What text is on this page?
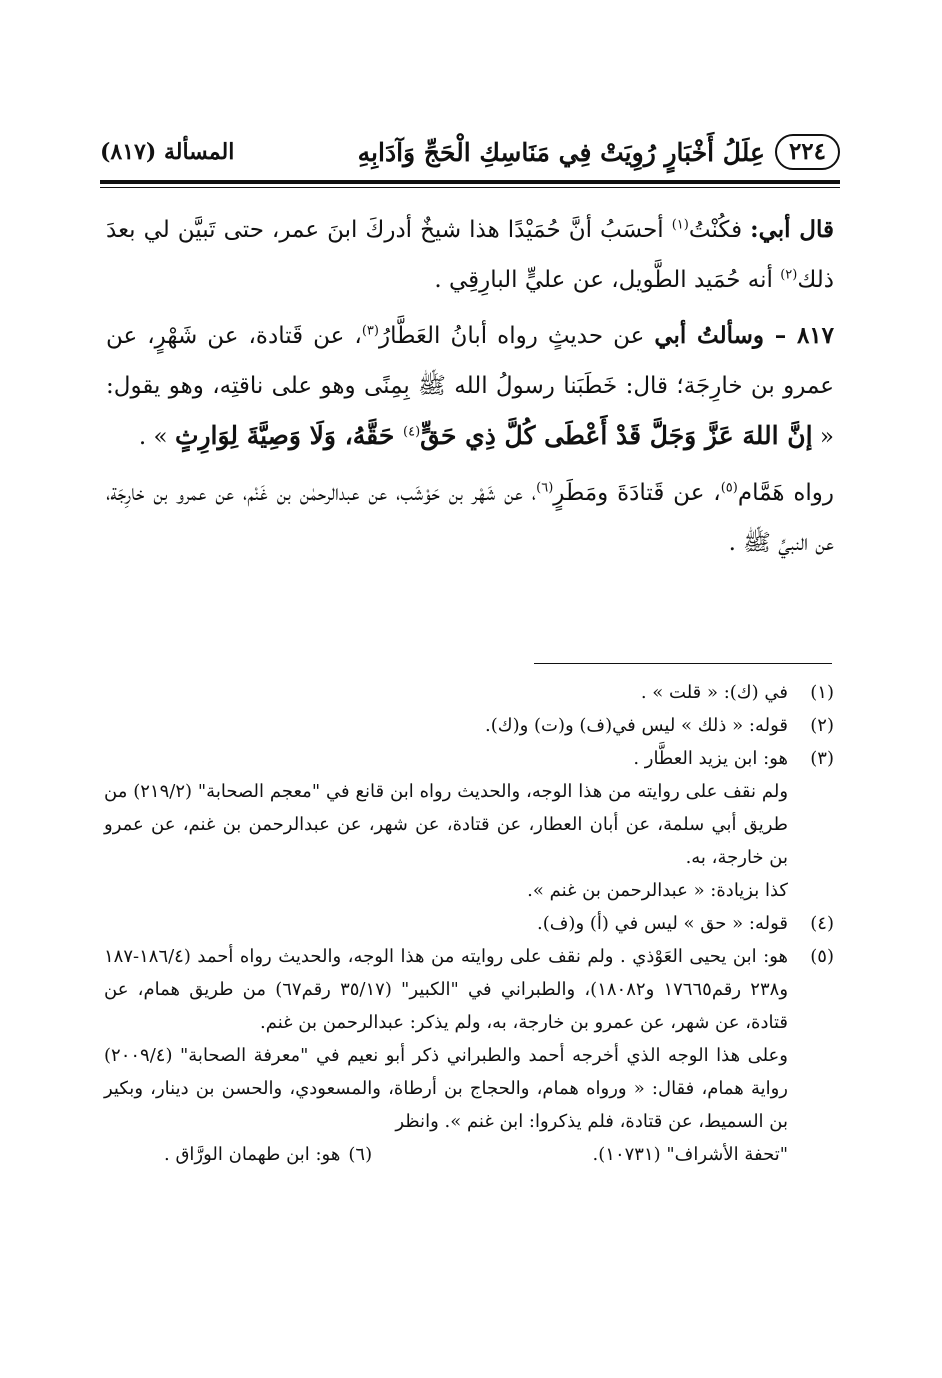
٢٢٤
عِلَلُ أَخْبَارٍ رُوِيَتْ فِي مَنَاسِكِ الْحَجِّ وَآدَابِهِ
المسألة (٨١٧)

قال أبي: فكُنْتُ$^{(١)}$ أحسَبُ أنَّ حُمَيْدًا هذا شيخٌ أدركَ ابنَ عمر، حتى تَبيَّن لي بعدَ ذلك$^{(٢)}$ أنه حُمَيد الطَّويل، عن عليٍّ البارِقِي .

٨١٧ – وسألتُ أبي عن حديثٍ رواه أبانُ العَطَّارُ$^{(٣)}$، عن قَتادة، عن شَهْرٍ، عن عمرو بن خارِجَة؛ قال: خَطَبَنا رسولُ الله ﷺ بِمِنًى وهو على ناقتِه، وهو يقول: « إنَّ اللهَ عَزَّ وَجَلَّ قَدْ أَعْطَى كُلَّ ذِي حَقٍّ$^{(٤)}$ حَقَّهُ، وَلَا وَصِيَّةَ لِوَارِثٍ » .

رواه هَمَّام$^{(٥)}$، عن قَتادَةَ ومَطَرٍ$^{(٦)}$، عن شَهْر بن حَوْشَب، عن عبدالرحمٰن بن غَنْم، عن عمرو بن خارِجَة، عن النبيِّ ﷺ .

(١)
في (ك): « قلت » .
(٢)
قوله: « ذلك » ليس في(ف) و(ت) و(ك).
(٣)
هو: ابن يزيد العطَّار .
ولم نقف على روايته من هذا الوجه، والحديث رواه ابن قانع في "معجم الصحابة" (٢١٩/٢) من طريق أبي سلمة، عن أبان العطار، عن قتادة، عن شهر، عن عبدالرحمن بن غنم، عن عمرو بن خارجة، به.
كذا بزيادة: « عبدالرحمن بن غنم ».
(٤)
قوله: « حق » ليس في (أ) و(ف).
(٥)
هو: ابن يحيى العَوْذي . ولم نقف على روايته من هذا الوجه، والحديث رواه أحمد (١٨٦/٤-١٨٧ و٢٣٨ رقم١٧٦٦٥ و١٨٠٨٢)، والطبراني في "الكبير" (٣٥/١٧ رقم٦٧) من طريق همام، عن قتادة، عن شهر، عن عمرو بن خارجة، به، ولم يذكر: عبدالرحمن بن غنم.
وعلى هذا الوجه الذي أخرجه أحمد والطبراني ذكر أبو نعيم في "معرفة الصحابة" (٢٠٠٩/٤) رواية همام، فقال: « ورواه همام، والحجاج بن أرطاة، والمسعودي، والحسن بن دينار، وبكير بن السميط، عن قتادة، فلم يذكروا: ابن غنم ». وانظر
"تحفة الأشراف" (١٠٧٣١).
(٦)
هو: ابن طهمان الورَّاق .
